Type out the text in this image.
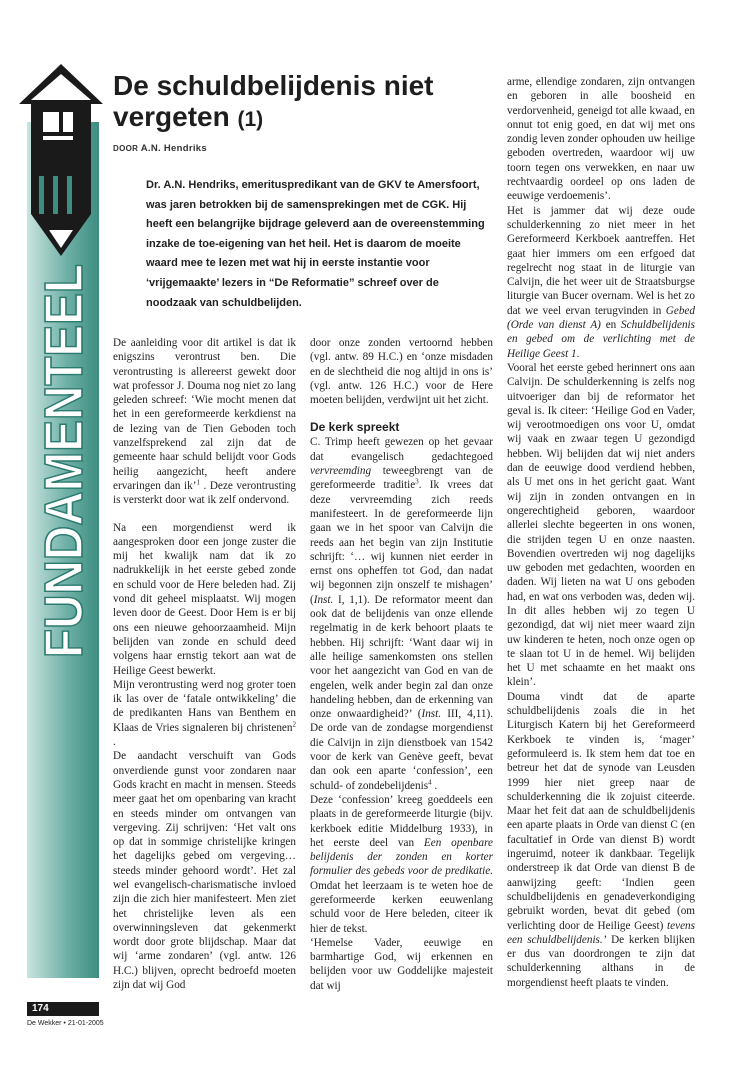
FUNDAMENTEEL
De schuldbelijdenis niet vergeten (1)
DOOR A.N. Hendriks

Dr. A.N. Hendriks, emerituspredikant van de GKV te Amersfoort, was jaren betrokken bij de samensprekingen met de CGK. Hij heeft een belangrijke bijdrage geleverd aan de overeenstemming inzake de toe-eigening van het heil. Het is daarom de moeite waard mee te lezen met wat hij in eerste instantie voor ‘vrijgemaakte’ lezers in “De Reformatie” schreef over de noodzaak van schuldbelijden.

De aanleiding voor dit artikel is dat ik enigszins verontrust ben. Die verontrusting is allereerst gewekt door wat professor J. Douma nog niet zo lang geleden schreef: ‘Wie mocht menen dat het in een gereformeerde kerkdienst na de lezing van de Tien Geboden toch vanzelfsprekend zal zijn dat de gemeente haar schuld belijdt voor Gods heilig aangezicht, heeft andere ervaringen dan ik’$^1$ . Deze verontrusting is versterkt door wat ik zelf ondervond.

Na een morgendienst werd ik aangesproken door een jonge zuster die mij het kwalijk nam dat ik zo nadrukkelijk in het eerste gebed zonde en schuld voor de Here beleden had. Zij vond dit geheel misplaatst. Wij mogen leven door de Geest. Door Hem is er bij ons een nieuwe gehoorzaamheid. Mijn belijden van zonde en schuld deed volgens haar ernstig tekort aan wat de Heilige Geest bewerkt.

Mijn verontrusting werd nog groter toen ik las over de ‘fatale ontwikkeling’ die de predikanten Hans van Benthem en Klaas de Vries signaleren bij christenen$^2$ .

De aandacht verschuift van Gods onverdiende gunst voor zondaren naar Gods kracht en macht in mensen. Steeds meer gaat het om openbaring van kracht en steeds minder om ontvangen van vergeving. Zij schrijven: ‘Het valt ons op dat in sommige christelijke kringen het dagelijks gebed om vergeving… steeds minder gehoord wordt’. Het zal wel evangelisch-charismatische invloed zijn die zich hier manifesteert. Men ziet het christelijke leven als een overwinningsleven dat gekenmerkt wordt door grote blijdschap. Maar dat wij ‘arme zondaren’ (vgl. antw. 126 H.C.) blijven, oprecht bedroefd moeten zijn dat wij God

door onze zonden vertoornd hebben (vgl. antw. 89 H.C.) en ‘onze misdaden en de slechtheid die nog altijd in ons is’ (vgl. antw. 126 H.C.) voor de Here moeten belijden, verdwijnt uit het zicht.

De kerk spreekt

C. Trimp heeft gewezen op het gevaar dat evangelisch gedachtegoed vervreemding teweegbrengt van de gereformeerde traditie$^3$. Ik vrees dat deze vervreemding zich reeds manifesteert. In de gereformeerde lijn gaan we in het spoor van Calvijn die reeds aan het begin van zijn Institutie schrijft: ‘… wij kunnen niet eerder in ernst ons opheffen tot God, dan nadat wij begonnen zijn onszelf te mishagen’ (Inst. I, 1,1). De reformator meent dan ook dat de belijdenis van onze ellende regelmatig in de kerk behoort plaats te hebben. Hij schrijft: ‘Want daar wij in alle heilige samenkomsten ons stellen voor het aangezicht van God en van de engelen, welk ander begin zal dan onze handeling hebben, dan de erkenning van onze onwaardigheid?’ (Inst. III, 4,11). De orde van de zondagse morgendienst die Calvijn in zijn dienstboek van 1542 voor de kerk van Genève geeft, bevat dan ook een aparte ‘confession’, een schuld- of zondebelijdenis$^4$ .

Deze ‘confession’ kreeg goeddeels een plaats in de gereformeerde liturgie (bijv. kerkboek editie Middelburg 1933), in het eerste deel van Een openbare belijdenis der zonden en korter formulier des gebeds voor de predikatie. Omdat het leerzaam is te weten hoe de gereformeerde kerken eeuwenlang schuld voor de Here beleden, citeer ik hier de tekst.

‘Hemelse Vader, eeuwige en barmhartige God, wij erkennen en belijden voor uw Goddelijke majesteit dat wij

arme, ellendige zondaren, zijn ontvangen en geboren in alle boosheid en verdorvenheid, geneigd tot alle kwaad, en onnut tot enig goed, en dat wij met ons zondig leven zonder ophouden uw heilige geboden overtreden, waardoor wij uw toorn tegen ons verwekken, en naar uw rechtvaardig oordeel op ons laden de eeuwige verdoemenis’.

Het is jammer dat wij deze oude schulderkenning zo niet meer in het Gereformeerd Kerkboek aantreffen. Het gaat hier immers om een erfgoed dat regelrecht nog staat in de liturgie van Calvijn, die het weer uit de Straatsburgse liturgie van Bucer overnam. Wel is het zo dat we veel ervan terugvinden in Gebed (Orde van dienst A) en Schuldbelijdenis en gebed om de verlichting met de Heilige Geest 1.

Vooral het eerste gebed herinnert ons aan Calvijn. De schulderkenning is zelfs nog uitvoeriger dan bij de reformator het geval is. Ik citeer: ‘Heilige God en Vader, wij verootmoedigen ons voor U, omdat wij vaak en zwaar tegen U gezondigd hebben. Wij belijden dat wij niet anders dan de eeuwige dood verdiend hebben, als U met ons in het gericht gaat. Want wij zijn in zonden ontvangen en in ongerechtigheid geboren, waardoor allerlei slechte begeerten in ons wonen, die strijden tegen U en onze naasten. Bovendien overtreden wij nog dagelijks uw geboden met gedachten, woorden en daden. Wij lieten na wat U ons geboden had, en wat ons verboden was, deden wij. In dit alles hebben wij zo tegen U gezondigd, dat wij niet meer waard zijn uw kinderen te heten, noch onze ogen op te slaan tot U in de hemel. Wij belijden het U met schaamte en het maakt ons klein’.

Douma vindt dat de aparte schuldbelijdenis zoals die in het Liturgisch Katern bij het Gereformeerd Kerkboek te vinden is, ‘mager’ geformuleerd is. Ik stem hem dat toe en betreur het dat de synode van Leusden 1999 hier niet greep naar de schulderkenning die ik zojuist citeerde. Maar het feit dat aan de schuldbelijdenis een aparte plaats in Orde van dienst C (en facultatief in Orde van dienst B) wordt ingeruimd, noteer ik dankbaar. Tegelijk onderstreep ik dat Orde van dienst B de aanwijzing geeft: ‘Indien geen schuldbelijdenis en genadeverkondiging gebruikt worden, bevat dit gebed (om verlichting door de Heilige Geest) tevens een schuldbelijdenis.’ De kerken blijken er dus van doordrongen te zijn dat schulderkenning althans in de morgendienst heeft plaats te vinden.

174
De Wekker • 21-01-2005
